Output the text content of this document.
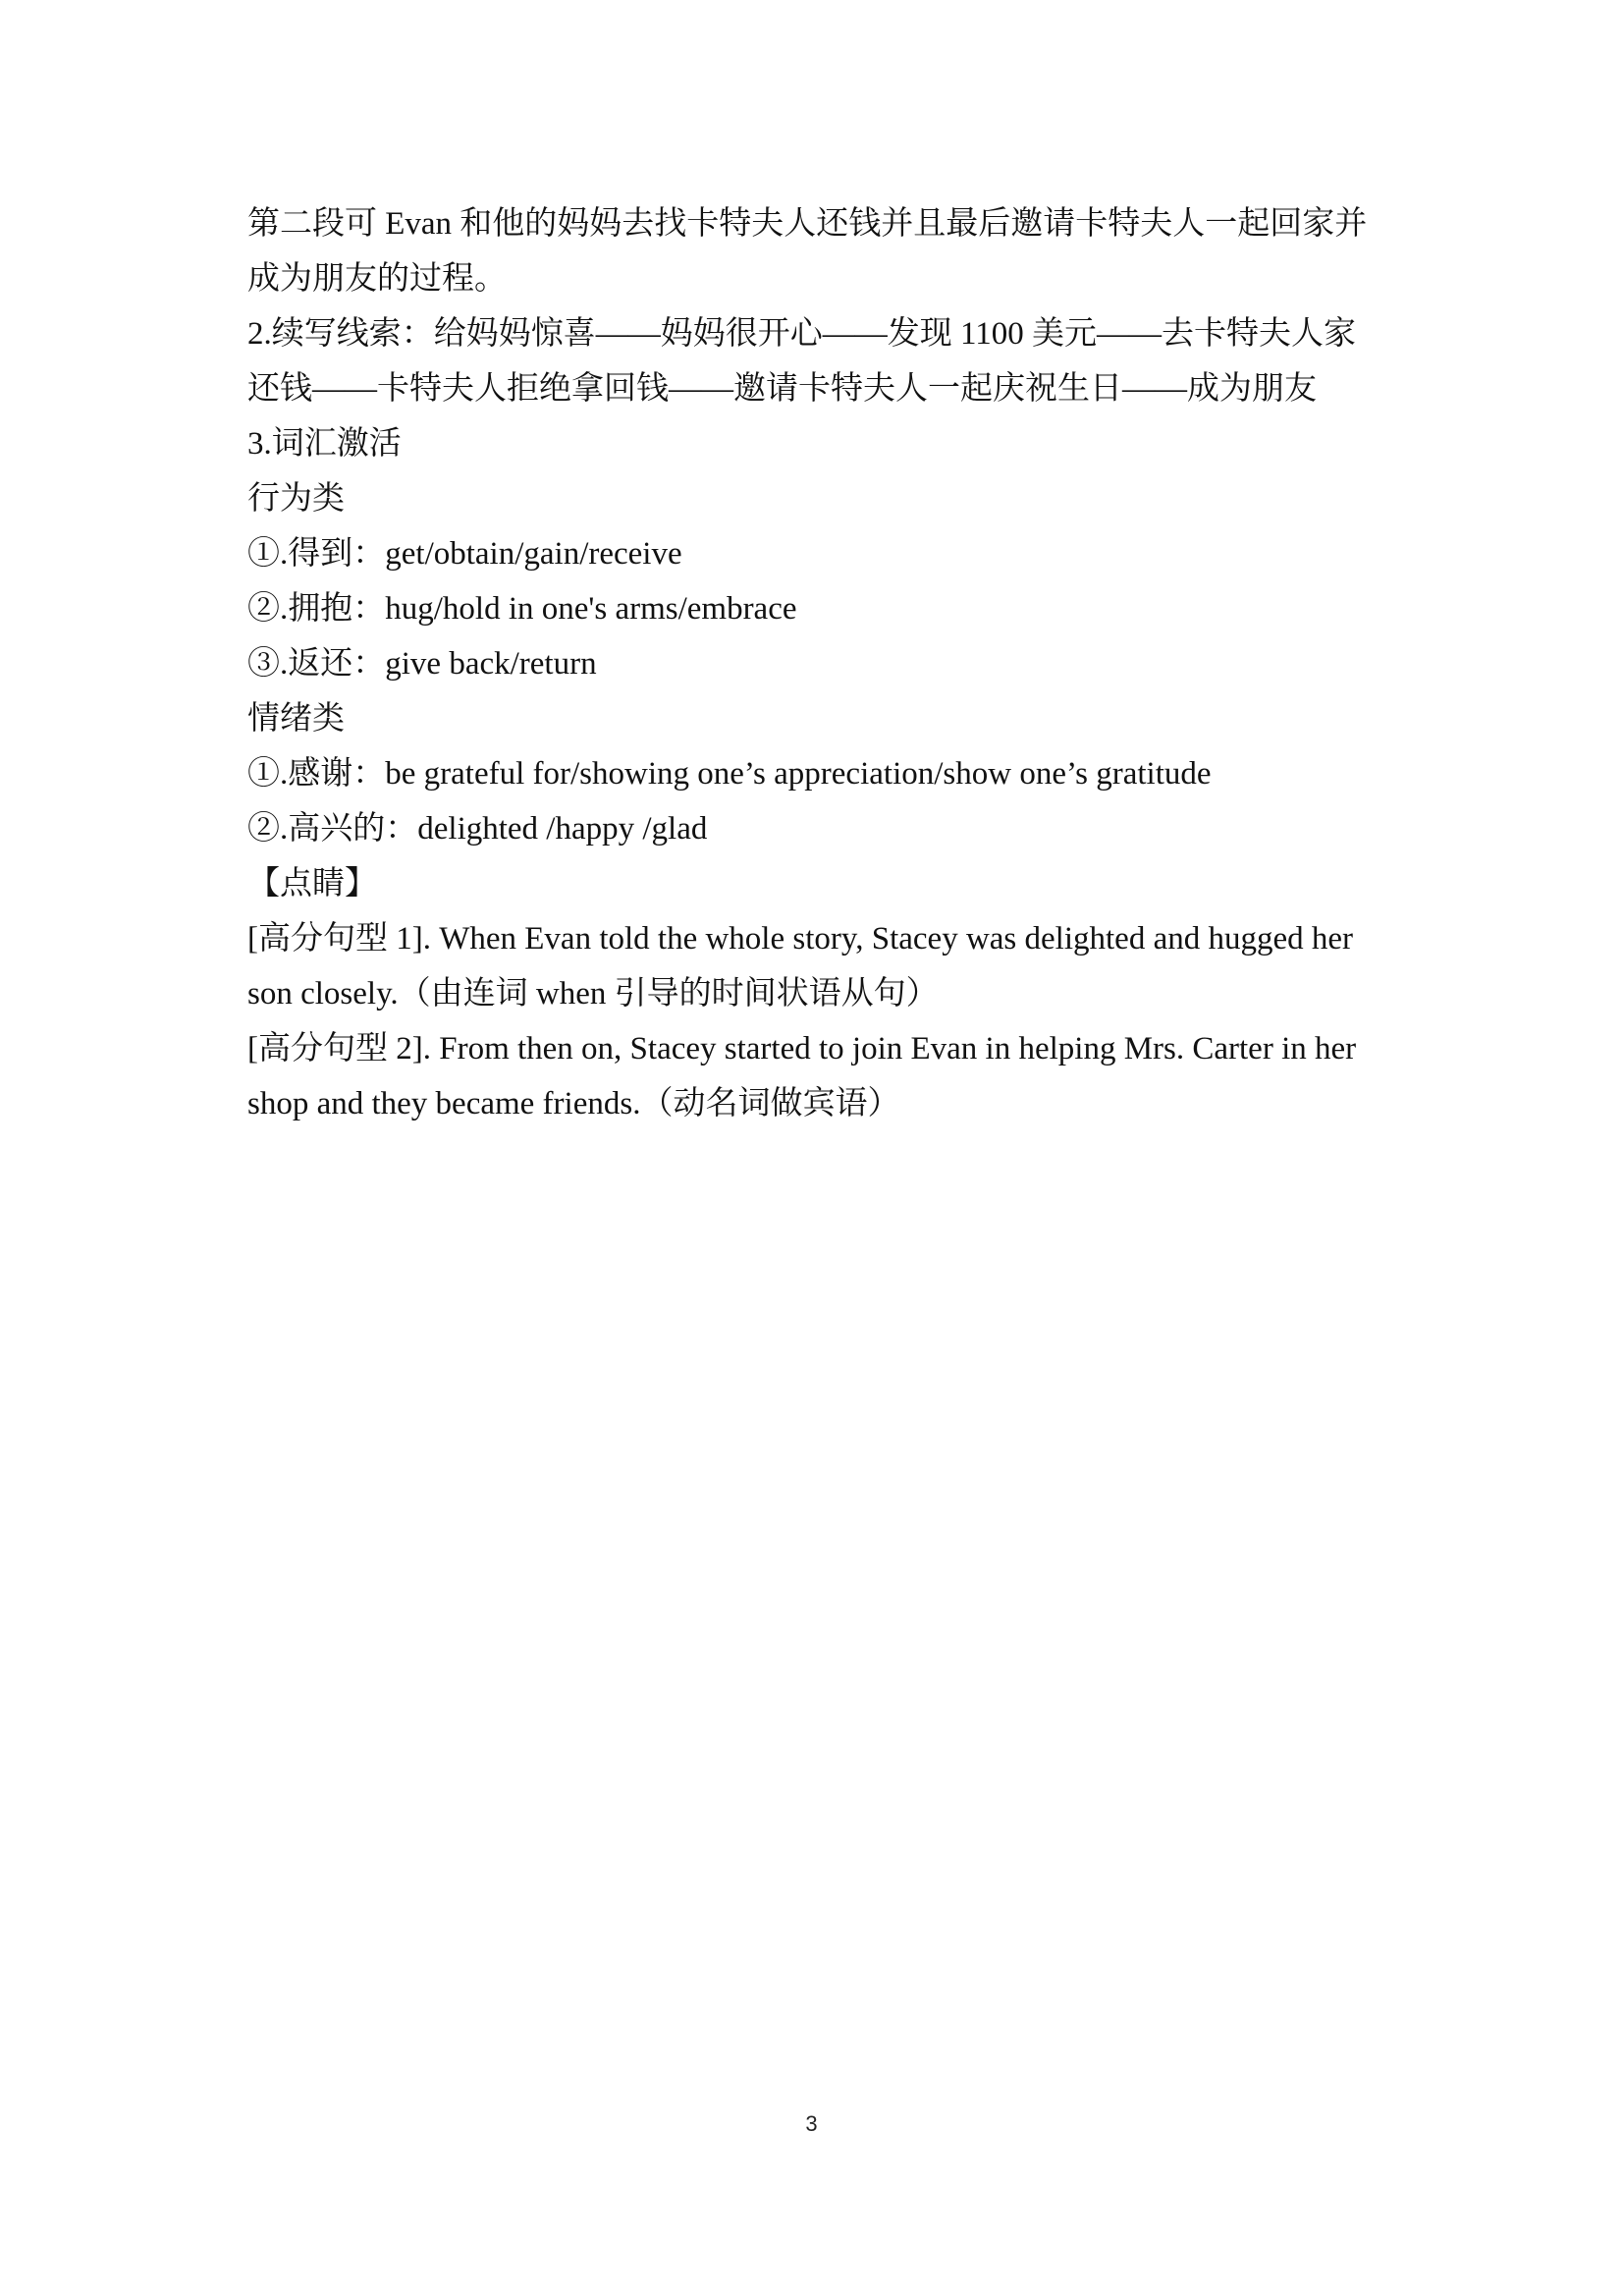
第二段可 Evan 和他的妈妈去找卡特夫人还钱并且最后邀请卡特夫人一起回家并

成为朋友的过程。

2.续写线索：给妈妈惊喜——妈妈很开心——发现 1100 美元——去卡特夫人家

还钱——卡特夫人拒绝拿回钱——邀请卡特夫人一起庆祝生日——成为朋友

3.词汇激活

行为类

①.得到：get/obtain/gain/receive

②.拥抱：hug/hold in one's arms/embrace

③.返还：give back/return

情绪类

①.感谢：be grateful for/showing one’s appreciation/show one’s gratitude

②.高兴的：delighted /happy /glad

【点睛】

[高分句型 1]. When Evan told the whole story, Stacey was delighted and hugged her

son closely.（由连词 when 引导的时间状语从句）

[高分句型 2]. From then on, Stacey started to join Evan in helping Mrs. Carter in her

shop and they became friends.（动名词做宾语）

3
